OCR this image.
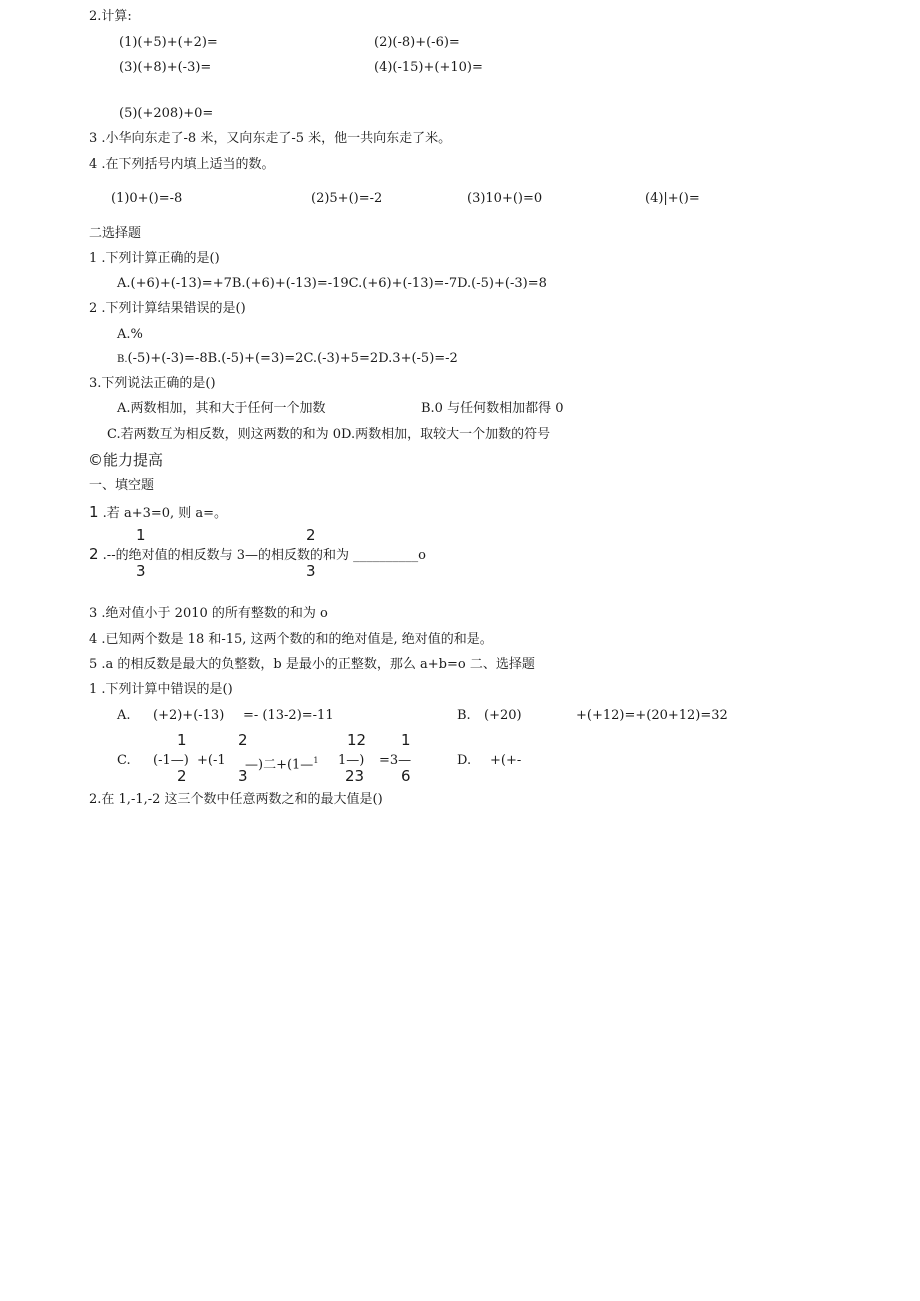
2.计算:
(1)(+5)+(+2)=	(2)(-8)+(-6)=
(3)(+8)+(-3)=	(4)(-15)+(+10)=
(5)(+208)+0=
3 .小华向东走了-8 米，又向东走了-5 米，他一共向东走了米。
4 .在下列括号内填上适当的数。
(1)0+()=-8	(2)5+()=-2	(3)10+()=0	(4)|+()=
二选择题
1 .下列计算正确的是()
A.(+6)+(-13)=+7B.(+6)+(-13)=-19C.(+6)+(-13)=-7D.(-5)+(-3)=8
2 .下列计算结果错误的是()
A.%
B.(-5)+(-3)=-8B.(-5)+(=3)=2C.(-3)+5=2D.3+(-5)=-2
3.下列说法正确的是()
A.两数相加，其和大于任何一个加数	B.0 与任何数相加都得 0
C.若两数互为相反数，则这两数的和为 0D.两数相加，取较大一个加数的符号
©能力提高
一、填空题
1 .若 a+3=0, 则 a=。
1	2
2 .--的绝对值的相反数与 3—的相反数的和为 __________o
3	3
3 .绝对值小于 2010 的所有整数的和为 o
4 .已知两个数是 18 和-15, 这两个数的和的绝对值是, 绝对值的和是。
5 .a 的相反数是最大的负整数，b 是最小的正整数，那么 a+b=o 二、选择题
1 .下列计算中错误的是()
A. (+2)+(-13) =- (13-2)=-11	B. (+20)	+(+12)=+(20+12)=32
1	2	12 1
C. (-1—) +(-1 —)二+(1—$^1$ 1—) =3—	D. +(+-
2	3	23 6
2.在 1,-1,-2 这三个数中任意两数之和的最大值是()
